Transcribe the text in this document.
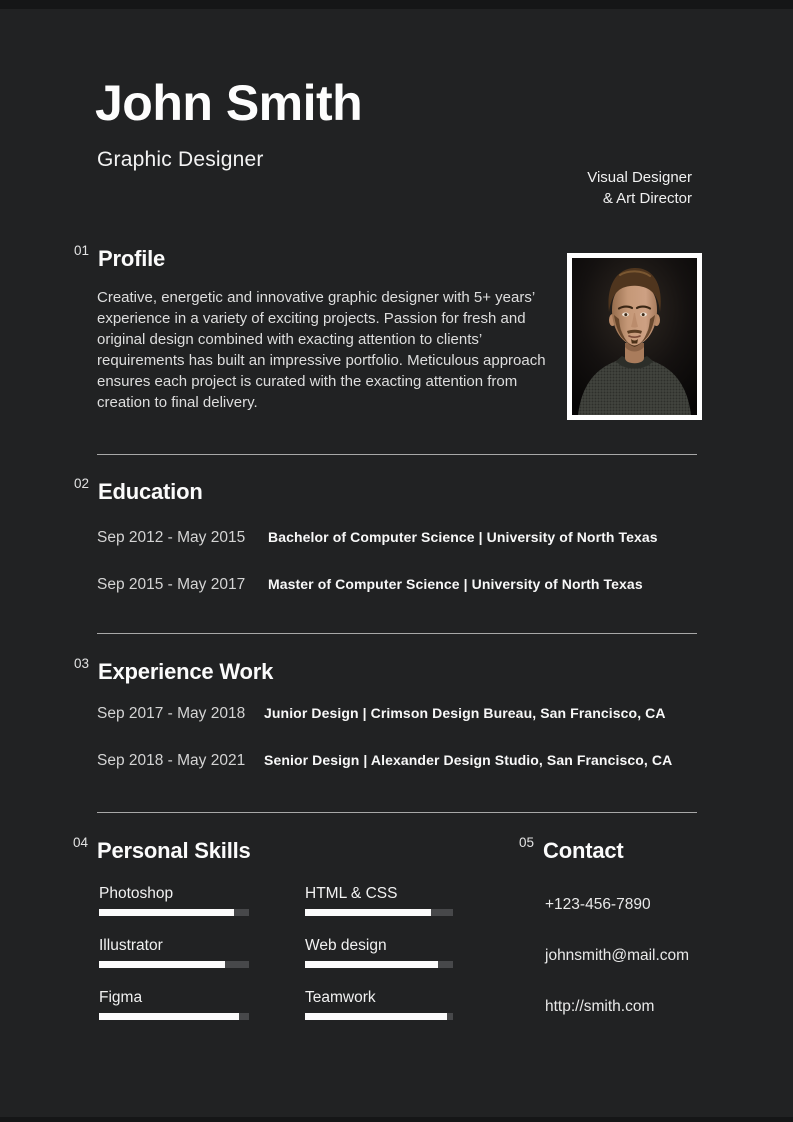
John Smith
Graphic Designer
Visual Designer
& Art Director
01 Profile

Creative, energetic and innovative graphic designer with 5+ years’ experience in a variety of exciting projects. Passion for fresh and original design combined with exacting attention to clients’ requirements has built an impressive portfolio. Meticulous approach ensures each project is curated with the exacting attention from creation to final delivery.

02 Education
Sep 2012 - May 2015	Bachelor of Computer Science | University of North Texas
Sep 2015 - May 2017	Master of Computer Science | University of North Texas
03 Experience Work
Sep 2017 - May 2018	Junior Design | Crimson Design Bureau, San Francisco, CA
Sep 2018 - May 2021	Senior Design | Alexander Design Studio, San Francisco, CA
04 Personal Skills	05 Contact
Photoshop
Illustrator
Figma
HTML & CSS
Web design
Teamwork
+123-456-7890
johnsmith@mail.com
http://smith.com
